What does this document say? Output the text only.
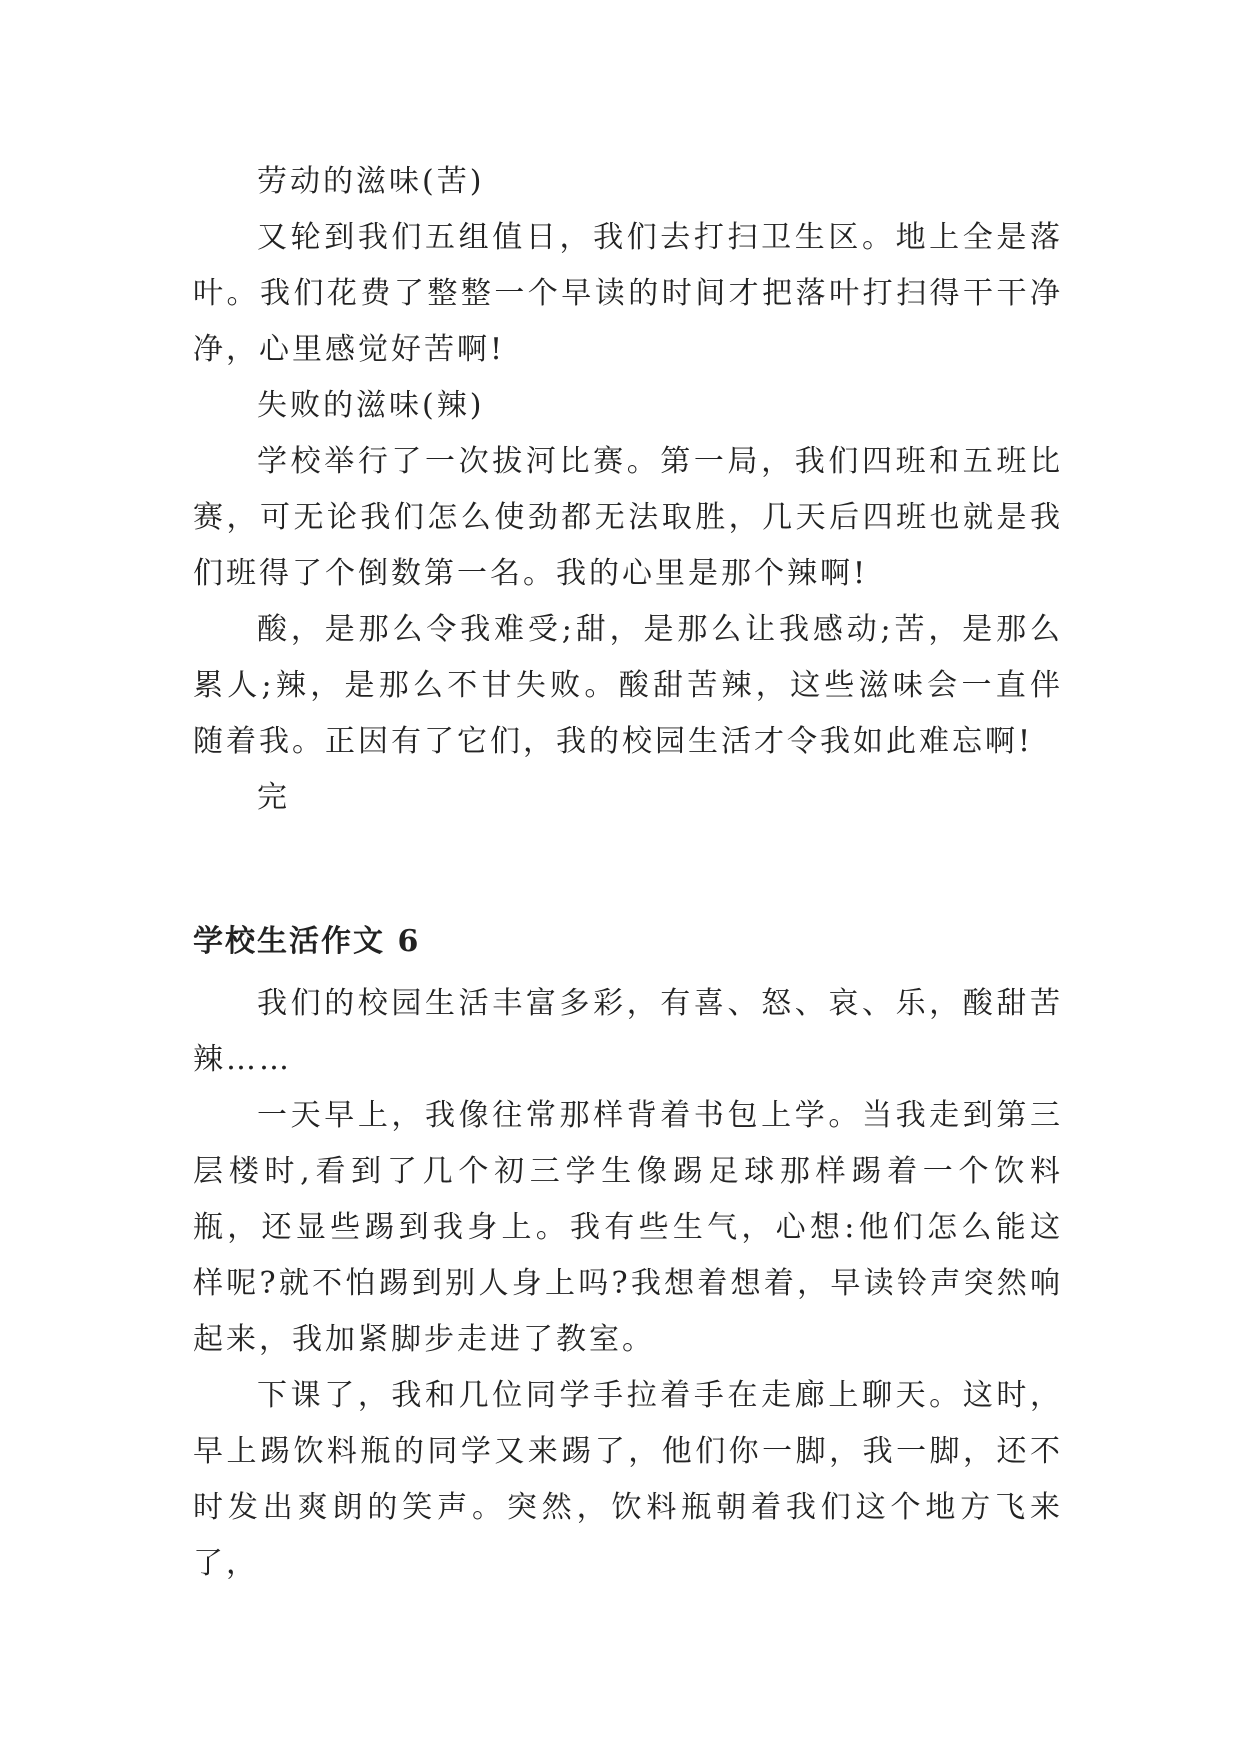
劳动的滋味(苦)

又轮到我们五组值日，我们去打扫卫生区。地上全是落叶。我们花费了整整一个早读的时间才把落叶打扫得干干净净，心里感觉好苦啊!

失败的滋味(辣)

学校举行了一次拔河比赛。第一局，我们四班和五班比赛，可无论我们怎么使劲都无法取胜，几天后四班也就是我们班得了个倒数第一名。我的心里是那个辣啊!

酸，是那么令我难受;甜，是那么让我感动;苦，是那么累人;辣，是那么不甘失败。酸甜苦辣，这些滋味会一直伴随着我。正因有了它们，我的校园生活才令我如此难忘啊!

完

学校生活作文 6

我们的校园生活丰富多彩，有喜、怒、哀、乐，酸甜苦辣……

一天早上，我像往常那样背着书包上学。当我走到第三层楼时,看到了几个初三学生像踢足球那样踢着一个饮料瓶，还显些踢到我身上。我有些生气，心想:他们怎么能这样呢?就不怕踢到别人身上吗?我想着想着，早读铃声突然响起来，我加紧脚步走进了教室。

下课了，我和几位同学手拉着手在走廊上聊天。这时，早上踢饮料瓶的同学又来踢了，他们你一脚，我一脚，还不时发出爽朗的笑声。突然，饮料瓶朝着我们这个地方飞来了，
